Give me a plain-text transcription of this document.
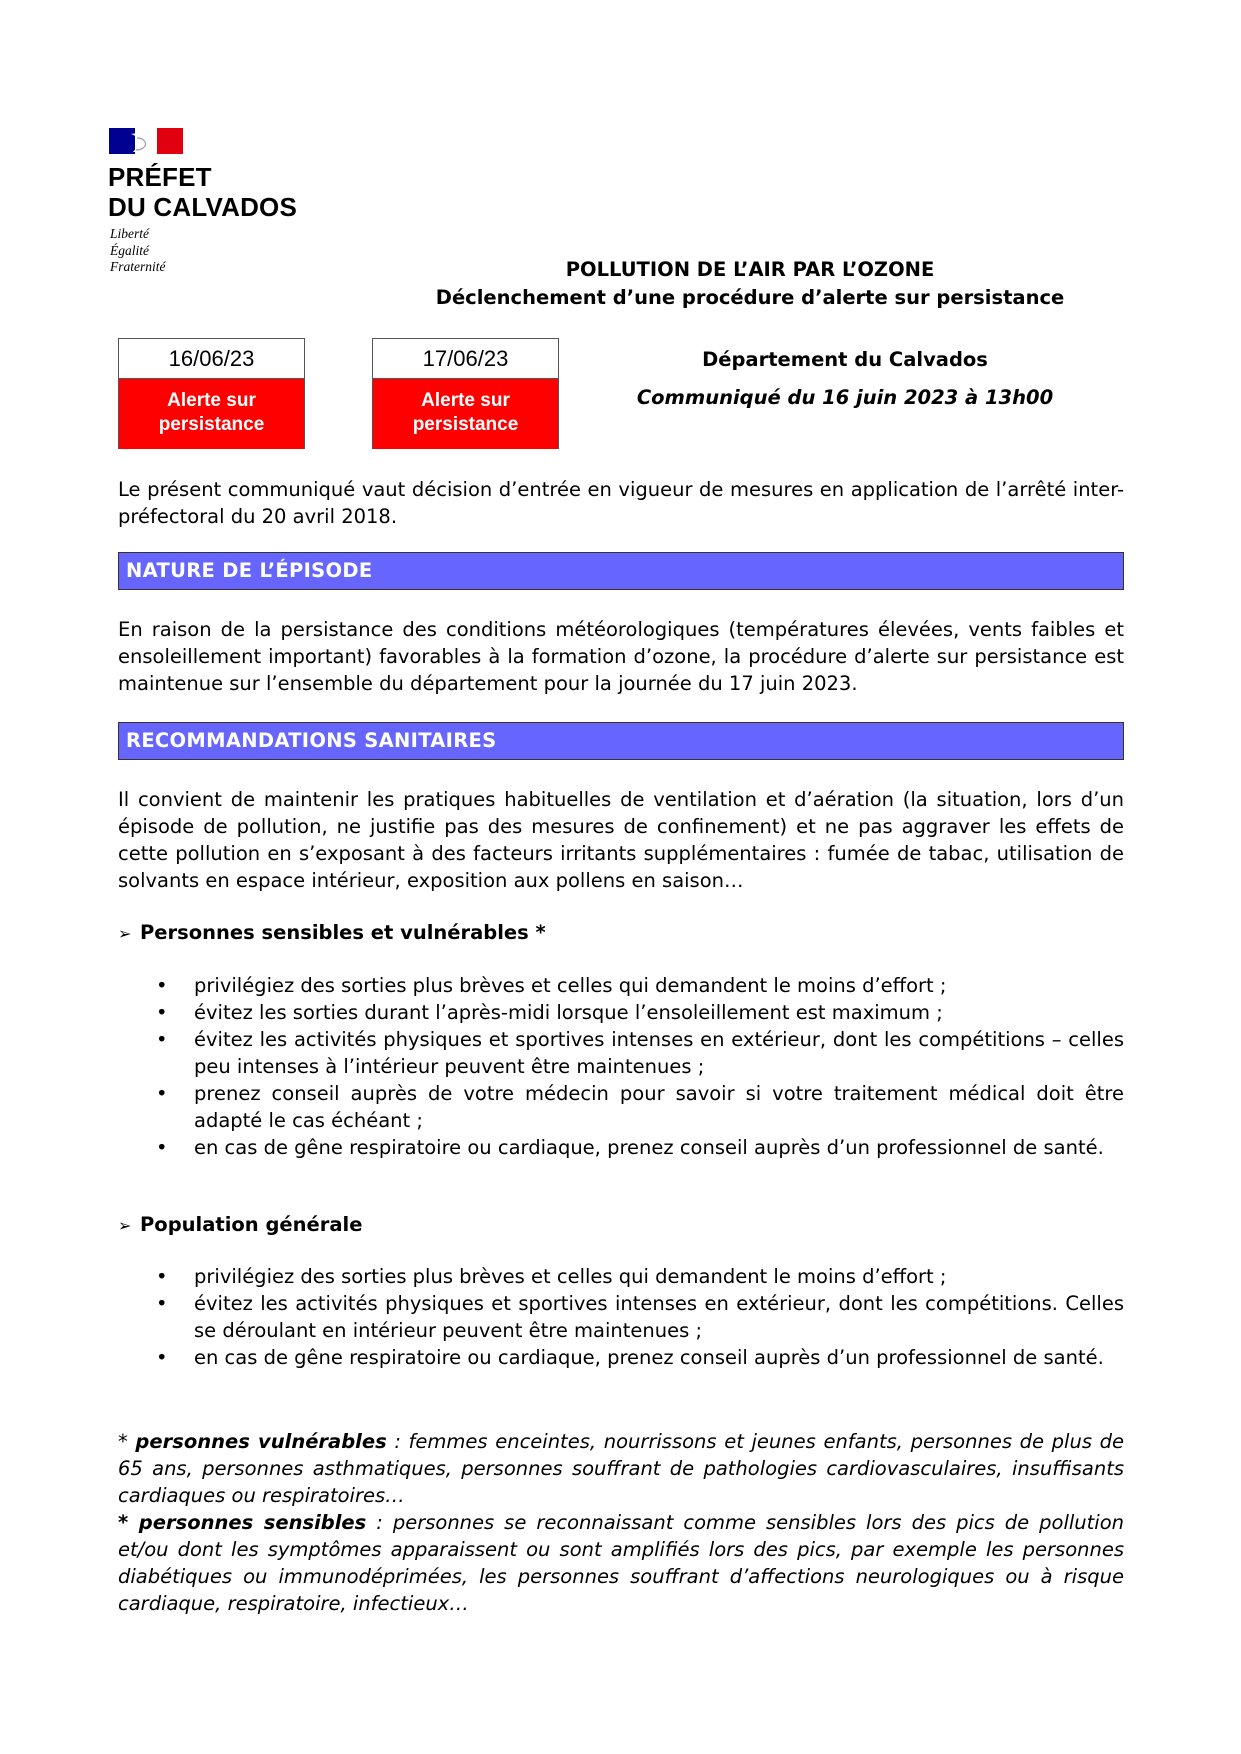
PRÉFET
DU CALVADOS
Liberté
Égalité
Fraternité	POLLUTION DE L’AIR PAR L’OZONE
Déclenchement d’une procédure d’alerte sur persistance
16/06/23
Alerte sur persistance
17/06/23
Alerte sur persistance
Département du Calvados
Communiqué du 16 juin 2023 à 13h00
Le présent communiqué vaut décision d’entrée en vigueur de mesures en application de l’arrêté inter-préfectoral du 20 avril 2018.
NATURE DE L’ÉPISODE
En raison de la persistance des conditions météorologiques (températures élevées, vents faibles et ensoleillement important) favorables à la formation d’ozone, la procédure d’alerte sur persistance est maintenue sur l’ensemble du département pour la journée du 17 juin 2023.
RECOMMANDATIONS SANITAIRES
Il convient de maintenir les pratiques habituelles de ventilation et d’aération (la situation, lors d’un épisode de pollution, ne justifie pas des mesures de confinement) et ne pas aggraver les effets de cette pollution en s’exposant à des facteurs irritants supplémentaires : fumée de tabac, utilisation de solvants en espace intérieur, exposition aux pollens en saison…
➢ Personnes sensibles et vulnérables *
• privilégiez des sorties plus brèves et celles qui demandent le moins d’effort ;
• évitez les sorties durant l’après-midi lorsque l’ensoleillement est maximum ;
• évitez les activités physiques et sportives intenses en extérieur, dont les compétitions – celles peu intenses à l’intérieur peuvent être maintenues ;
• prenez conseil auprès de votre médecin pour savoir si votre traitement médical doit être adapté le cas échéant ;
• en cas de gêne respiratoire ou cardiaque, prenez conseil auprès d’un professionnel de santé.
➢ Population générale
• privilégiez des sorties plus brèves et celles qui demandent le moins d’effort ;
• évitez les activités physiques et sportives intenses en extérieur, dont les compétitions. Celles se déroulant en intérieur peuvent être maintenues ;
• en cas de gêne respiratoire ou cardiaque, prenez conseil auprès d’un professionnel de santé.
* personnes vulnérables : femmes enceintes, nourrissons et jeunes enfants, personnes de plus de 65 ans, personnes asthmatiques, personnes souffrant de pathologies cardiovasculaires, insuffisants cardiaques ou respiratoires…
* personnes sensibles : personnes se reconnaissant comme sensibles lors des pics de pollution et/ou dont les symptômes apparaissent ou sont amplifiés lors des pics, par exemple les personnes diabétiques ou immunodéprimées, les personnes souffrant d’affections neurologiques ou à risque cardiaque, respiratoire, infectieux…
